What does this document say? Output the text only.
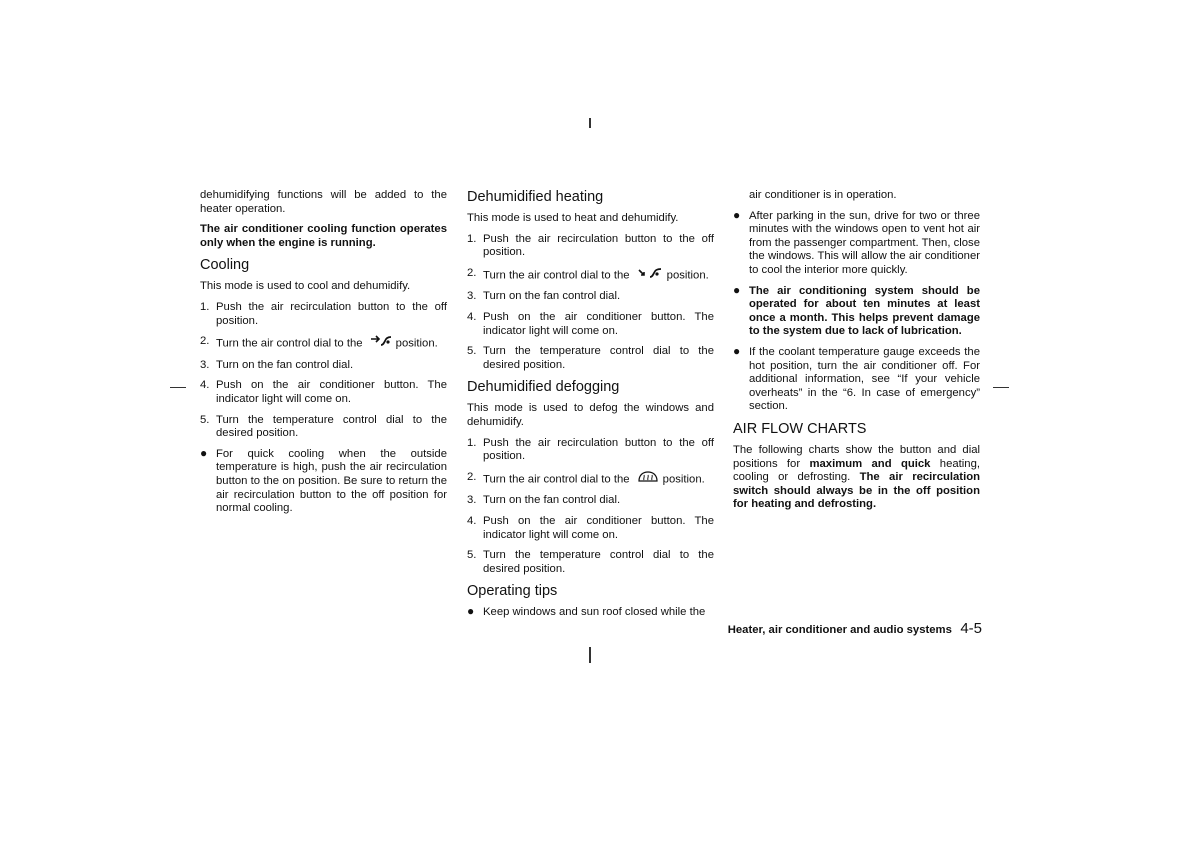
dehumidifying functions will be added to the heater operation.

The air conditioner cooling function operates only when the engine is running.

Cooling

This mode is used to cool and dehumidify.

1. Push the air recirculation button to the off position.
2. Turn the air control dial to the	position.
3. Turn on the fan control dial.
4. Push on the air conditioner button. The indicator light will come on.
5. Turn the temperature control dial to the desired position.
● For quick cooling when the outside temperature is high, push the air recirculation button to the on position. Be sure to return the air recirculation button to the off position for normal cooling.
Dehumidified heating

This mode is used to heat and dehumidify.

1. Push the air recirculation button to the off position.
2. Turn the air control dial to the	position.
3. Turn on the fan control dial.
4. Push on the air conditioner button. The indicator light will come on.
5. Turn the temperature control dial to the desired position.
Dehumidified defogging

This mode is used to defog the windows and dehumidify.

1. Push the air recirculation button to the off position.
2. Turn the air control dial to the	position.
3. Turn on the fan control dial.
4. Push on the air conditioner button. The indicator light will come on.
5. Turn the temperature control dial to the desired position.
Operating tips
● Keep windows and sun roof closed while the
air conditioner is in operation.
● After parking in the sun, drive for two or three minutes with the windows open to vent hot air from the passenger compartment. Then, close the windows. This will allow the air conditioner to cool the interior more quickly.
● The air conditioning system should be operated for about ten minutes at least once a month. This helps prevent damage to the system due to lack of lubrication.
● If the coolant temperature gauge exceeds the hot position, turn the air conditioner off. For additional information, see “If your vehicle overheats” in the “6. In case of emergency” section.
AIR FLOW CHARTS

The following charts show the button and dial positions for maximum and quick heating, cooling or defrosting. The air recirculation switch should always be in the off position for heating and defrosting.

Heater, air conditioner and audio systems 4-5
